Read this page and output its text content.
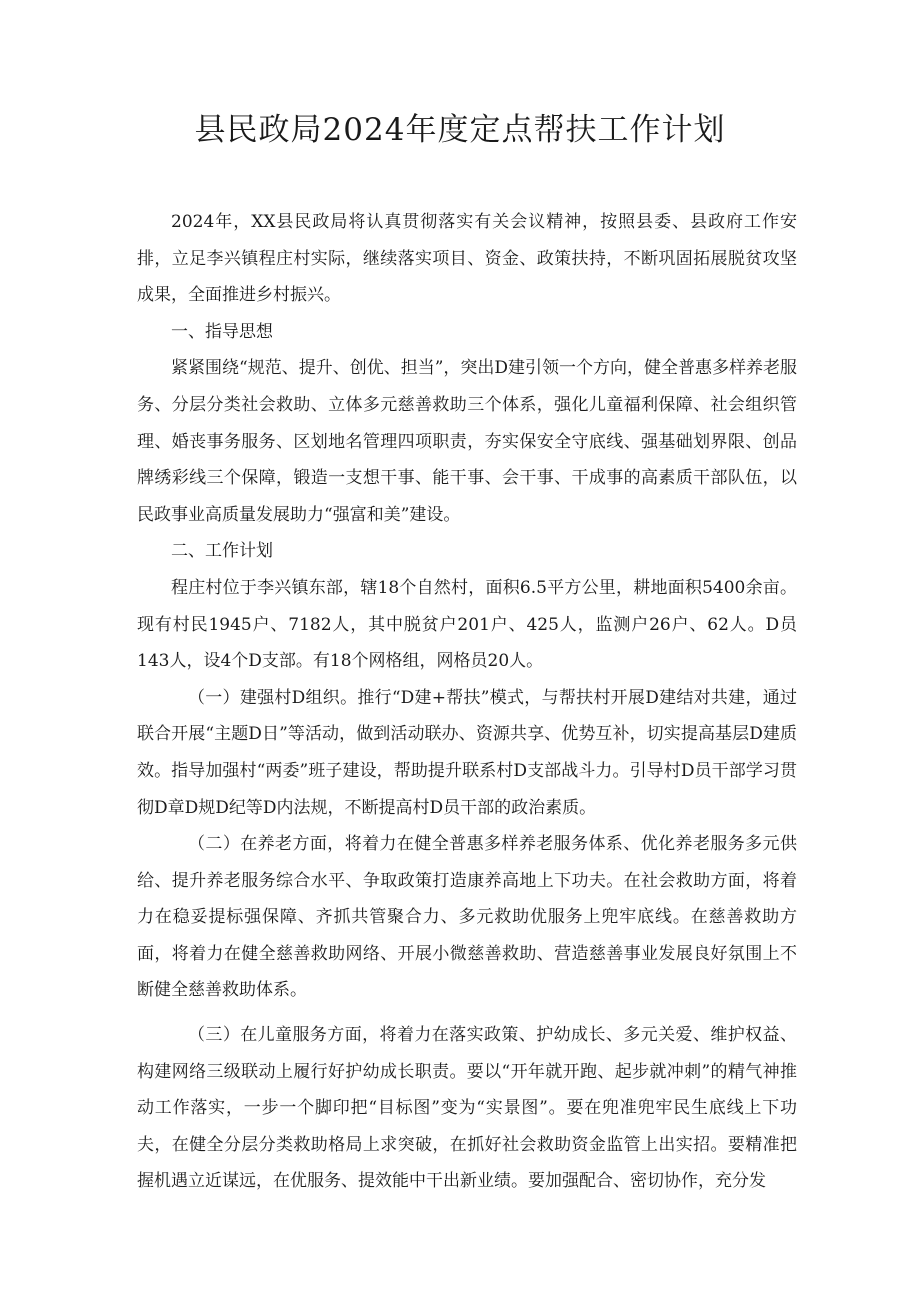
县民政局2024年度定点帮扶工作计划

2024年，XX县民政局将认真贯彻落实有关会议精神，按照县委、县政府工作安排，立足李兴镇程庄村实际，继续落实项目、资金、政策扶持，不断巩固拓展脱贫攻坚成果，全面推进乡村振兴。

一、指导思想

紧紧围绕“规范、提升、创优、担当”，突出D建引领一个方向，健全普惠多样养老服务、分层分类社会救助、立体多元慈善救助三个体系，强化儿童福利保障、社会组织管理、婚丧事务服务、区划地名管理四项职责，夯实保安全守底线、强基础划界限、创品牌绣彩线三个保障，锻造一支想干事、能干事、会干事、干成事的高素质干部队伍，以民政事业高质量发展助力“强富和美”建设。

二、工作计划

程庄村位于李兴镇东部，辖18个自然村，面积6.5平方公里，耕地面积5400余亩。现有村民1945户、7182人，其中脱贫户201户、425人，监测户26户、62人。D员143人，设4个D支部。有18个网格组，网格员20人。

（一）建强村D组织。推行“D建+帮扶”模式，与帮扶村开展D建结对共建，通过联合开展“主题D日”等活动，做到活动联办、资源共享、优势互补，切实提高基层D建质效。指导加强村“两委”班子建设，帮助提升联系村D支部战斗力。引导村D员干部学习贯彻D章D规D纪等D内法规，不断提高村D员干部的政治素质。

（二）在养老方面，将着力在健全普惠多样养老服务体系、优化养老服务多元供给、提升养老服务综合水平、争取政策打造康养高地上下功夫。在社会救助方面，将着力在稳妥提标强保障、齐抓共管聚合力、多元救助优服务上兜牢底线。在慈善救助方面，将着力在健全慈善救助网络、开展小微慈善救助、营造慈善事业发展良好氛围上不断健全慈善救助体系。

（三）在儿童服务方面，将着力在落实政策、护幼成长、多元关爱、维护权益、构建网络三级联动上履行好护幼成长职责。要以“开年就开跑、起步就冲刺”的精气神推动工作落实，一步一个脚印把“目标图”变为“实景图”。要在兜准兜牢民生底线上下功夫，在健全分层分类救助格局上求突破，在抓好社会救助资金监管上出实招。要精准把握机遇立近谋远，在优服务、提效能中干出新业绩。要加强配合、密切协作，充分发
